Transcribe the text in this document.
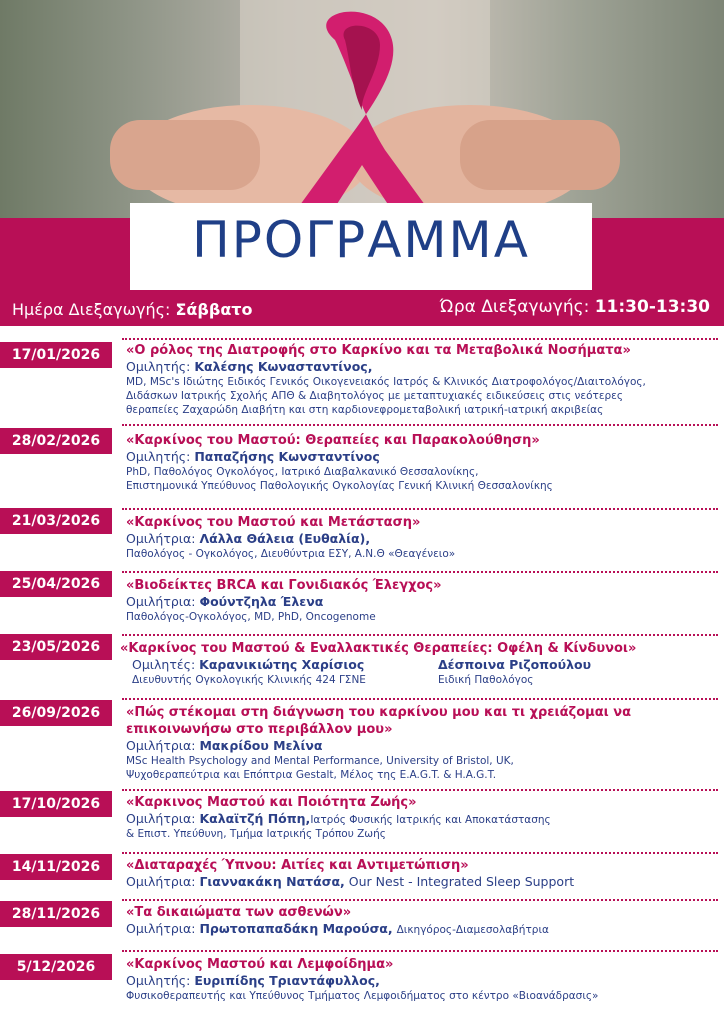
ΠΡΟΓΡΑΜΜΑ
Ημέρα Διεξαγωγής: Σάββατο	Ώρα Διεξαγωγής: 11:30-13:30
17/01/2026	«Ο ρόλος της Διατροφής στο Καρκίνο και τα Μεταβολικά Νοσήματα»
Ομιλητής: Καλέσης Κωνασταντίνος,
MD, MSc's Ιδιώτης Ειδικός Γενικός Οικογενειακός Ιατρός & Κλινικός Διατροφολόγος/Διαιτολόγος,
Διδάσκων Ιατρικής Σχολής ΑΠΘ & Διαβητολόγος με μεταπτυχιακές ειδικεύσεις στις νεότερες
θεραπείες Ζαχαρώδη Διαβήτη και στη καρδιονεφρομεταβολική ιατρική-ιατρική ακριβείας
28/02/2026	«Καρκίνος του Μαστού: Θεραπείες και Παρακολούθηση»
Ομιλητής: Παπαζήσης Κωνσταντίνος
PhD, Παθολόγος Ογκολόγος, Ιατρικό Διαβαλκανικό Θεσσαλονίκης,
Επιστημονικά Υπεύθυνος Παθολογικής Ογκολογίας Γενική Κλινική Θεσσαλονίκης
21/03/2026	«Καρκίνος του Μαστού και Μετάσταση»
Ομιλήτρια: Λάλλα Θάλεια (Ευθαλία),
Παθολόγος - Ογκολόγος, Διευθύντρια ΕΣΥ, Α.Ν.Θ «Θεαγένειο»
25/04/2026	«Βιοδείκτες BRCA και Γονιδιακός Έλεγχος»
Ομιλήτρια: Φούντζηλα Έλενα
Παθολόγος-Ογκολόγος, MD, PhD, Oncogenome
23/05/2026	«Καρκίνος του Μαστού & Εναλλακτικές Θεραπείες: Οφέλη & Κίνδυνοι»
Ομιλητές: Καρανικιώτης Χαρίσιος
Διευθυντής Ογκολογικής Κλινικής 424 ΓΣΝΕ
Δέσποινα Ριζοπούλου
Ειδική Παθολόγος
26/09/2026	«Πώς στέκομαι στη διάγνωση του καρκίνου μου και τι χρειάζομαι να
επικοινωνήσω στο περιβάλλον μου»
Ομιλήτρια: Μακρίδου Μελίνα
MSc Health Psychology and Mental Performance, University of Bristol, UK,
Ψυχοθεραπεύτρια και Επόπτρια Gestalt, Μέλος της E.A.G.T. & H.A.G.T.
17/10/2026	«Καρκινος Μαστού και Ποιότητα Ζωής»
Ομιλήτρια: Καλαϊτζή Πόπη,Ιατρός Φυσικής Ιατρικής και Αποκατάστασης
& Επιστ. Υπεύθυνη, Τμήμα Ιατρικής Τρόπου Ζωής
14/11/2026	«Διαταραχές Ύπνου: Αιτίες και Αντιμετώπιση»
Ομιλήτρια: Γιαννακάκη Νατάσα, Our Nest - Integrated Sleep Support
28/11/2026	«Τα δικαιώματα των ασθενών»
Ομιλήτρια: Πρωτοπαπαδάκη Μαρούσα, Δικηγόρος-Διαμεσολαβήτρια
5/12/2026	«Καρκίνος Μαστού και Λεμφοίδημα»
Ομιλητής: Ευριπίδης Τριαντάφυλλος,
Φυσικοθεραπευτής και Υπεύθυνος Τμήματος Λεμφοιδήματος στο κέντρο «Βιοανάδρασις»
